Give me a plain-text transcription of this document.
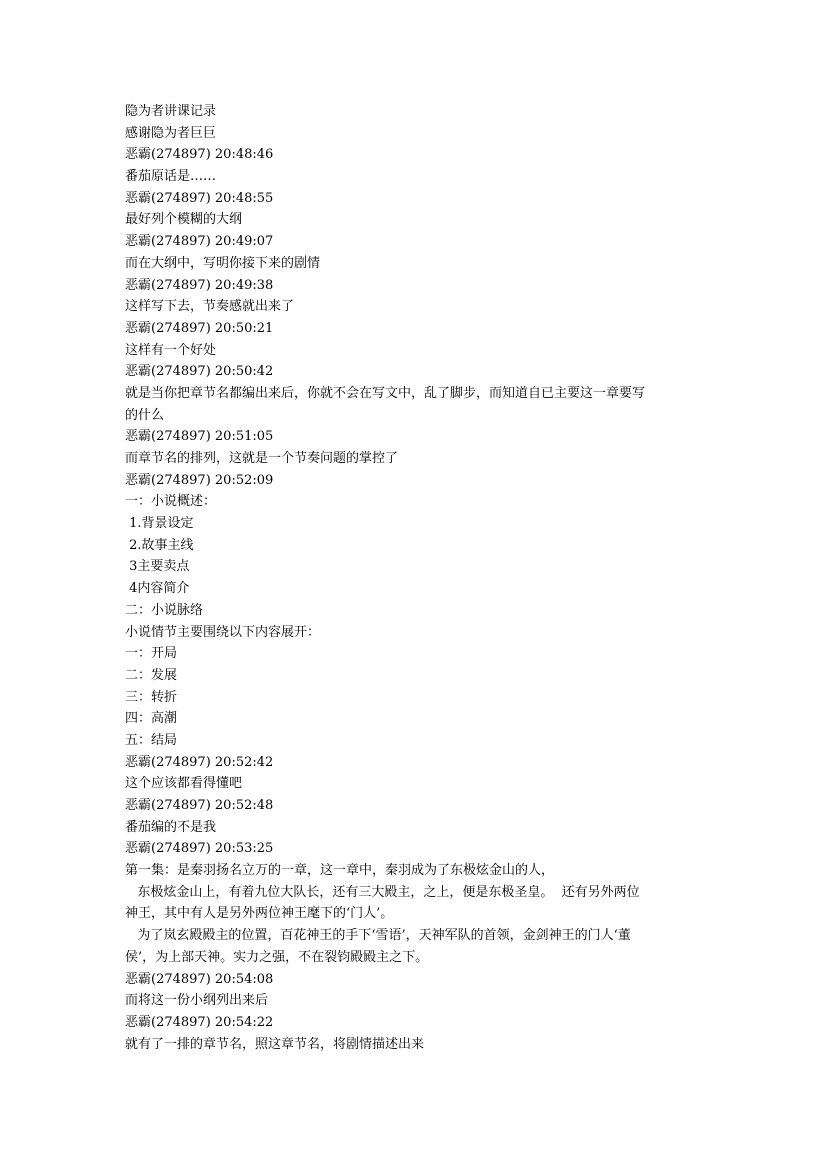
隐为者讲课记录
感谢隐为者巨巨
恶霸(274897) 20:48:46
番茄原话是……
恶霸(274897) 20:48:55
最好列个模糊的大纲
恶霸(274897) 20:49:07
而在大纲中，写明你接下来的剧情
恶霸(274897) 20:49:38
这样写下去，节奏感就出来了
恶霸(274897) 20:50:21
这样有一个好处
恶霸(274897) 20:50:42
就是当你把章节名都编出来后，你就不会在写文中，乱了脚步，而知道自已主要这一章要写
的什么
恶霸(274897) 20:51:05
而章节名的排列，这就是一个节奏问题的掌控了
恶霸(274897) 20:52:09
一：小说概述：
1.背景设定
2.故事主线
3主要卖点
4内容简介
二：小说脉络
小说情节主要围绕以下内容展开：
一：开局
二：发展
三：转折
四：高潮
五：结局
恶霸(274897) 20:52:42
这个应该都看得懂吧
恶霸(274897) 20:52:48
番茄编的不是我
恶霸(274897) 20:53:25
第一集：是秦羽扬名立万的一章，这一章中，秦羽成为了东极炫金山的人，
东极炫金山上，有着九位大队长，还有三大殿主，之上，便是东极圣皇。  还有另外两位
神王，其中有人是另外两位神王麾下的‘门人’。
为了岚玄殿殿主的位置，百花神王的手下‘雪语’，天神军队的首领，金剑神王的门人‘董
侯’，为上部天神。实力之强，不在裂钧殿殿主之下。
恶霸(274897) 20:54:08
而将这一份小纲列出来后
恶霸(274897) 20:54:22
就有了一排的章节名，照这章节名，将剧情描述出来
